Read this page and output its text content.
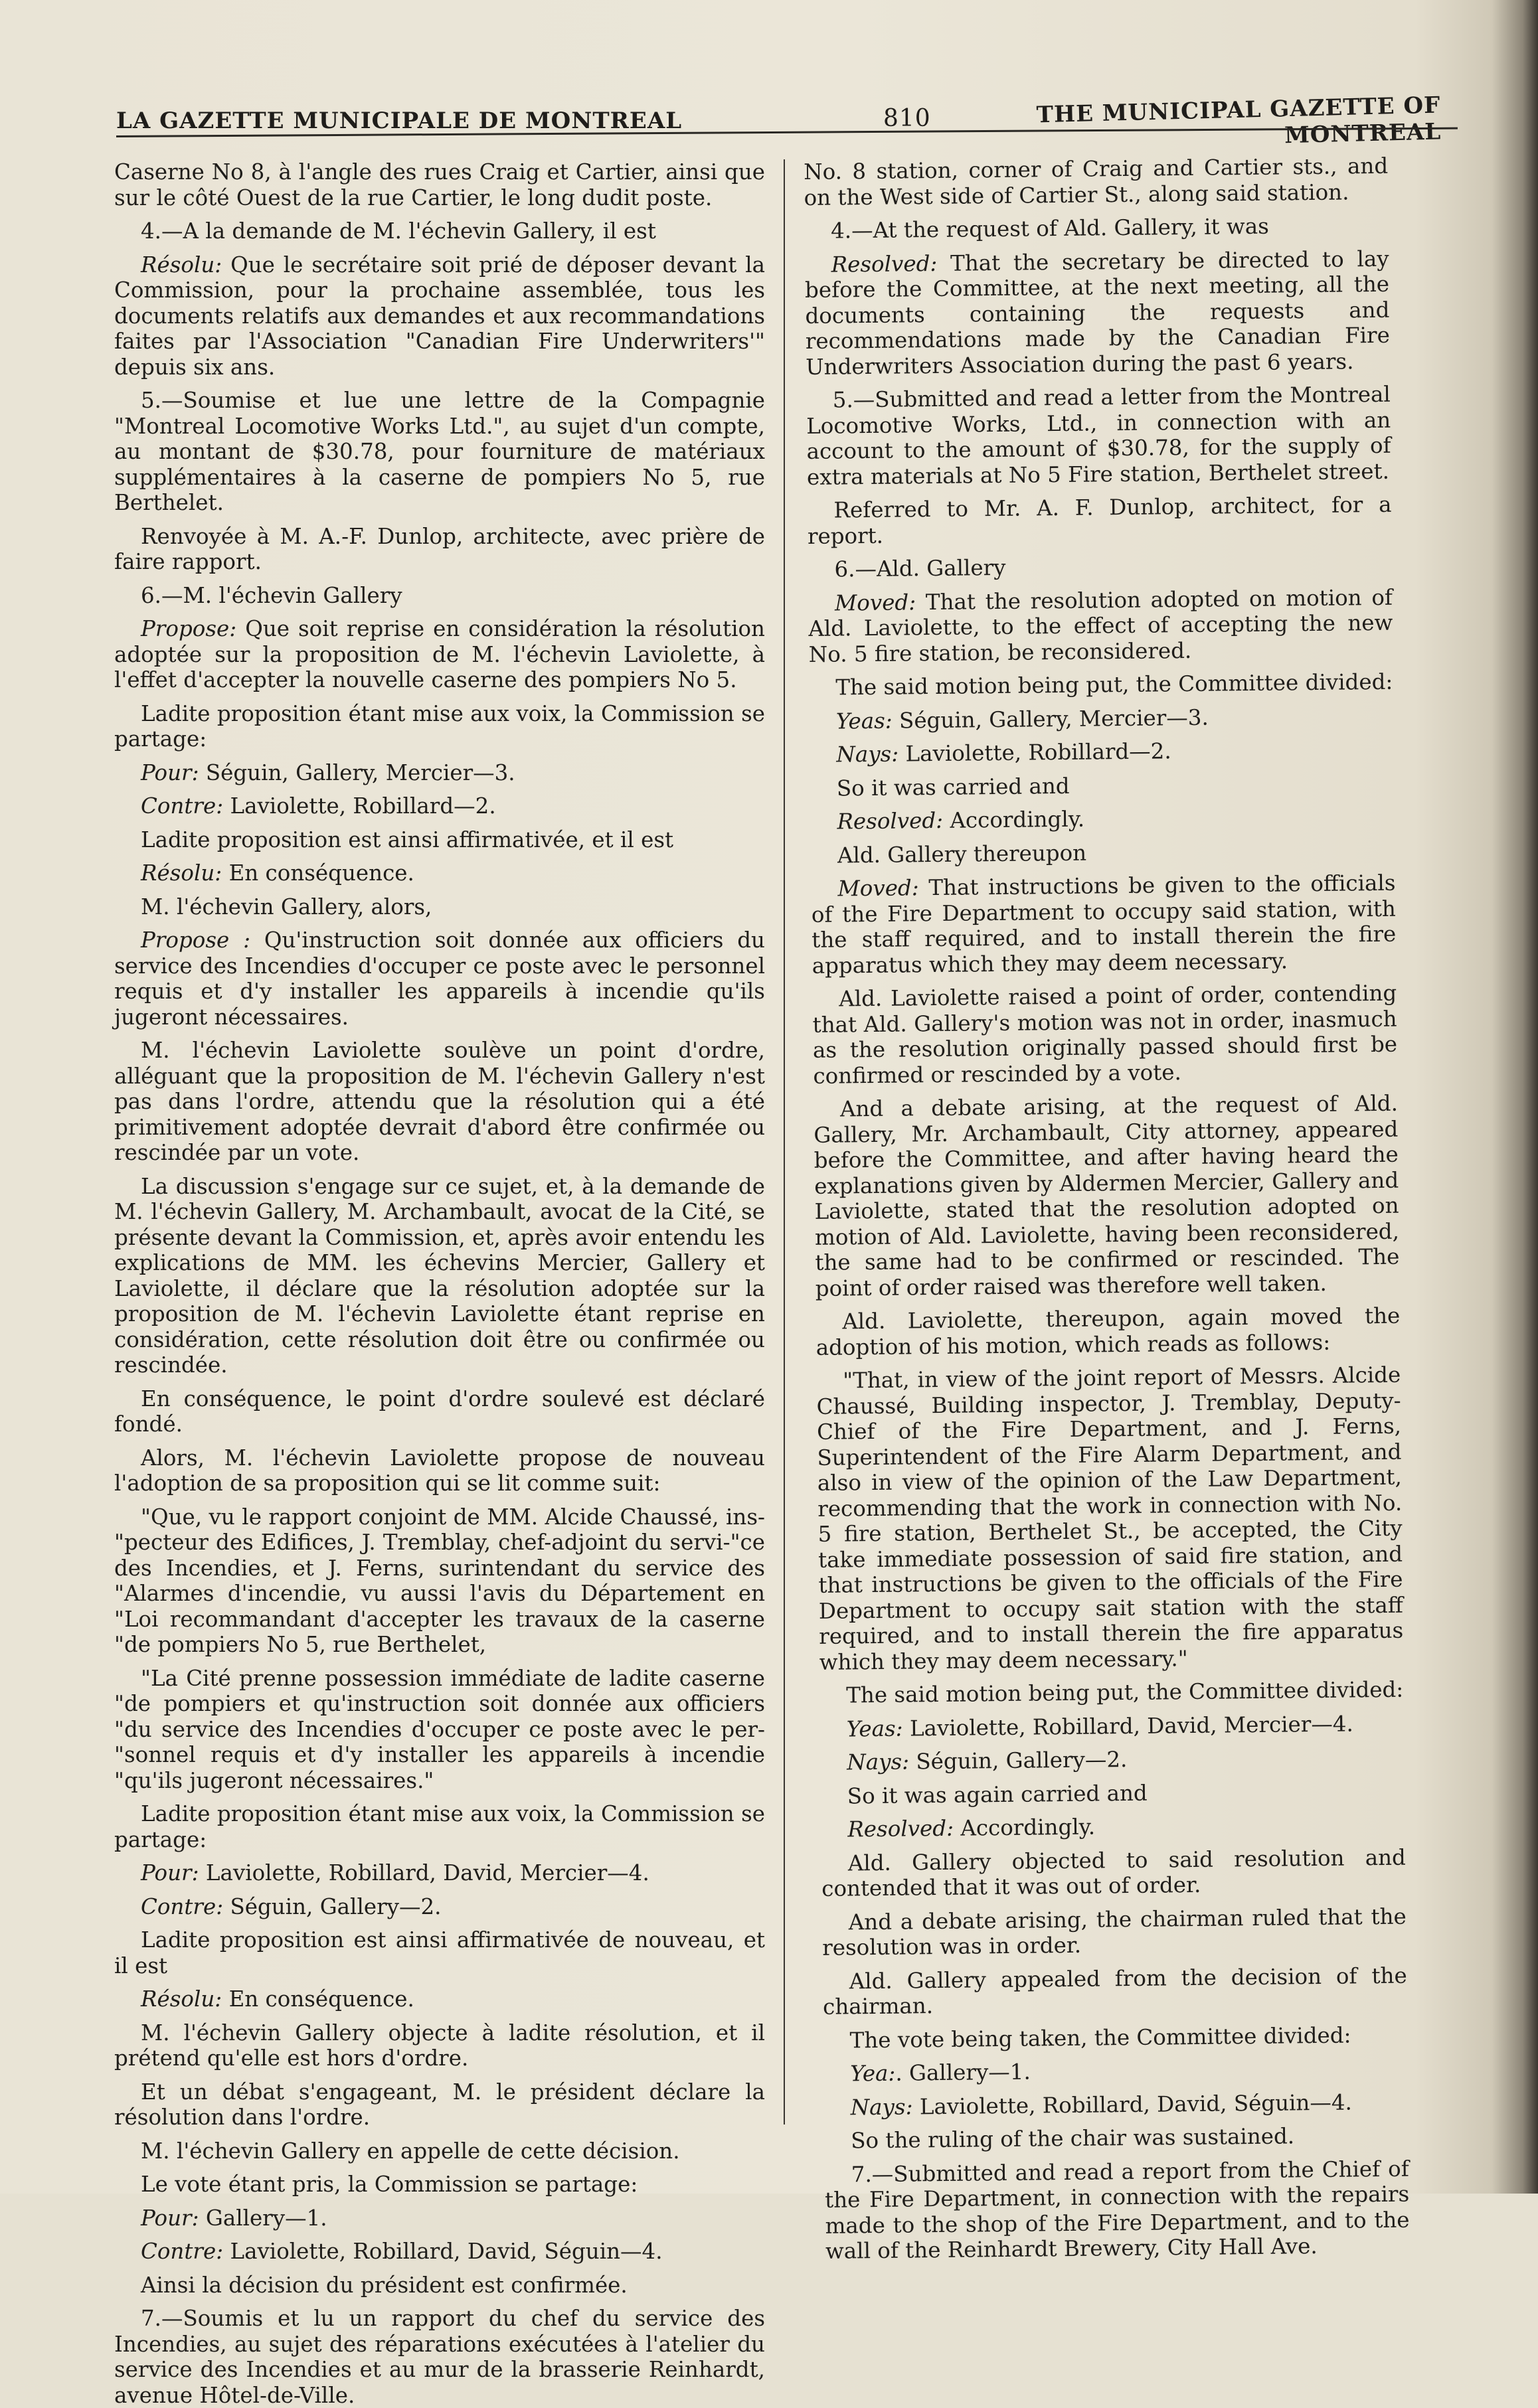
LA GAZETTE MUNICIPALE DE MONTREAL	810	THE MUNICIPAL GAZETTE OF MONTREAL

Caserne No 8, à l'angle des rues Craig et Cartier, ainsi que sur le côté Ouest de la rue Cartier, le long dudit poste.

4.—A la demande de M. l'échevin Gallery, il est

Résolu: Que le secrétaire soit prié de déposer devant la Commission, pour la prochaine assemblée, tous les documents relatifs aux demandes et aux recommandations faites par l'Association "Canadian Fire Underwriters'" depuis six ans.

5.—Soumise et lue une lettre de la Compagnie "Montreal Locomotive Works Ltd.", au sujet d'un compte, au montant de $30.78, pour fourniture de matériaux supplémentaires à la caserne de pompiers No 5, rue Berthelet.

Renvoyée à M. A.-F. Dunlop, architecte, avec prière de faire rapport.

6.—M. l'échevin Gallery

Propose: Que soit reprise en considération la résolution adoptée sur la proposition de M. l'échevin Laviolette, à l'effet d'accepter la nouvelle caserne des pompiers No 5.

Ladite proposition étant mise aux voix, la Commission se partage:

Pour: Séguin, Gallery, Mercier—3.

Contre: Laviolette, Robillard—2.

Ladite proposition est ainsi affirmativée, et il est

Résolu: En conséquence.

M. l'échevin Gallery, alors,

Propose : Qu'instruction soit donnée aux officiers du service des Incendies d'occuper ce poste avec le personnel requis et d'y installer les appareils à incendie qu'ils jugeront nécessaires.

M. l'échevin Laviolette soulève un point d'ordre, alléguant que la proposition de M. l'échevin Gallery n'est pas dans l'ordre, attendu que la résolution qui a été primitivement adoptée devrait d'abord être confirmée ou rescindée par un vote.

La discussion s'engage sur ce sujet, et, à la demande de M. l'échevin Gallery, M. Archambault, avocat de la Cité, se présente devant la Commission, et, après avoir entendu les explications de MM. les échevins Mercier, Gallery et Laviolette, il déclare que la résolution adoptée sur la proposition de M. l'échevin Laviolette étant reprise en considération, cette résolution doit être ou confirmée ou rescindée.

En conséquence, le point d'ordre soulevé est déclaré fondé.

Alors, M. l'échevin Laviolette propose de nouveau l'adoption de sa proposition qui se lit comme suit:

"Que, vu le rapport conjoint de MM. Alcide Chaussé, ins-"pecteur des Edifices, J. Tremblay, chef-adjoint du servi-"ce des Incendies, et J. Ferns, surintendant du service des "Alarmes d'incendie, vu aussi l'avis du Département en "Loi recommandant d'accepter les travaux de la caserne "de pompiers No 5, rue Berthelet,

"La Cité prenne possession immédiate de ladite caserne "de pompiers et qu'instruction soit donnée aux officiers "du service des Incendies d'occuper ce poste avec le per-"sonnel requis et d'y installer les appareils à incendie "qu'ils jugeront nécessaires."

Ladite proposition étant mise aux voix, la Commission se partage:

Pour: Laviolette, Robillard, David, Mercier—4.

Contre: Séguin, Gallery—2.

Ladite proposition est ainsi affirmativée de nouveau, et il est

Résolu: En conséquence.

M. l'échevin Gallery objecte à ladite résolution, et il prétend qu'elle est hors d'ordre.

Et un débat s'engageant, M. le président déclare la résolution dans l'ordre.

M. l'échevin Gallery en appelle de cette décision.

Le vote étant pris, la Commission se partage:

Pour: Gallery—1.

Contre: Laviolette, Robillard, David, Séguin—4.

Ainsi la décision du président est confirmée.

7.—Soumis et lu un rapport du chef du service des Incendies, au sujet des réparations exécutées à l'atelier du service des Incendies et au mur de la brasserie Reinhardt, avenue Hôtel-de-Ville.

No. 8 station, corner of Craig and Cartier sts., and on the West side of Cartier St., along said station.

4.—At the request of Ald. Gallery, it was

Resolved: That the secretary be directed to lay before the Committee, at the next meeting, all the documents containing the requests and recommendations made by the Canadian Fire Underwriters Association during the past 6 years.

5.—Submitted and read a letter from the Montreal Locomotive Works, Ltd., in connection with an account to the amount of $30.78, for the supply of extra materials at No 5 Fire station, Berthelet street.

Referred to Mr. A. F. Dunlop, architect, for a report.

6.—Ald. Gallery

Moved: That the resolution adopted on motion of Ald. Laviolette, to the effect of accepting the new No. 5 fire station, be reconsidered.

The said motion being put, the Committee divided:

Yeas: Séguin, Gallery, Mercier—3.

Nays: Laviolette, Robillard—2.

So it was carried and

Resolved: Accordingly.

Ald. Gallery thereupon

Moved: That instructions be given to the officials of the Fire Department to occupy said station, with the staff required, and to install therein the fire apparatus which they may deem necessary.

Ald. Laviolette raised a point of order, contending that Ald. Gallery's motion was not in order, inasmuch as the resolution originally passed should first be confirmed or rescinded by a vote.

And a debate arising, at the request of Ald. Gallery, Mr. Archambault, City attorney, appeared before the Committee, and after having heard the explanations given by Aldermen Mercier, Gallery and Laviolette, stated that the resolution adopted on motion of Ald. Laviolette, having been reconsidered, the same had to be confirmed or rescinded. The point of order raised was therefore well taken.

Ald. Laviolette, thereupon, again moved the adoption of his motion, which reads as follows:

"That, in view of the joint report of Messrs. Alcide Chaussé, Building inspector, J. Tremblay, Deputy-Chief of the Fire Department, and J. Ferns, Superintendent of the Fire Alarm Department, and also in view of the opinion of the Law Department, recommending that the work in connection with No. 5 fire station, Berthelet St., be accepted, the City take immediate possession of said fire station, and that instructions be given to the officials of the Fire Department to occupy sait station with the staff required, and to install therein the fire apparatus which they may deem necessary."

The said motion being put, the Committee divided:

Yeas: Laviolette, Robillard, David, Mercier—4.

Nays: Séguin, Gallery—2.

So it was again carried and

Resolved: Accordingly.

Ald. Gallery objected to said resolution and contended that it was out of order.

And a debate arising, the chairman ruled that the resolution was in order.

Ald. Gallery appealed from the decision of the chairman.

The vote being taken, the Committee divided:

Yea:. Gallery—1.

Nays: Laviolette, Robillard, David, Séguin—4.

So the ruling of the chair was sustained.

7.—Submitted and read a report from the Chief of the Fire Department, in connection with the repairs made to the shop of the Fire Department, and to the wall of the Reinhardt Brewery, City Hall Ave.
